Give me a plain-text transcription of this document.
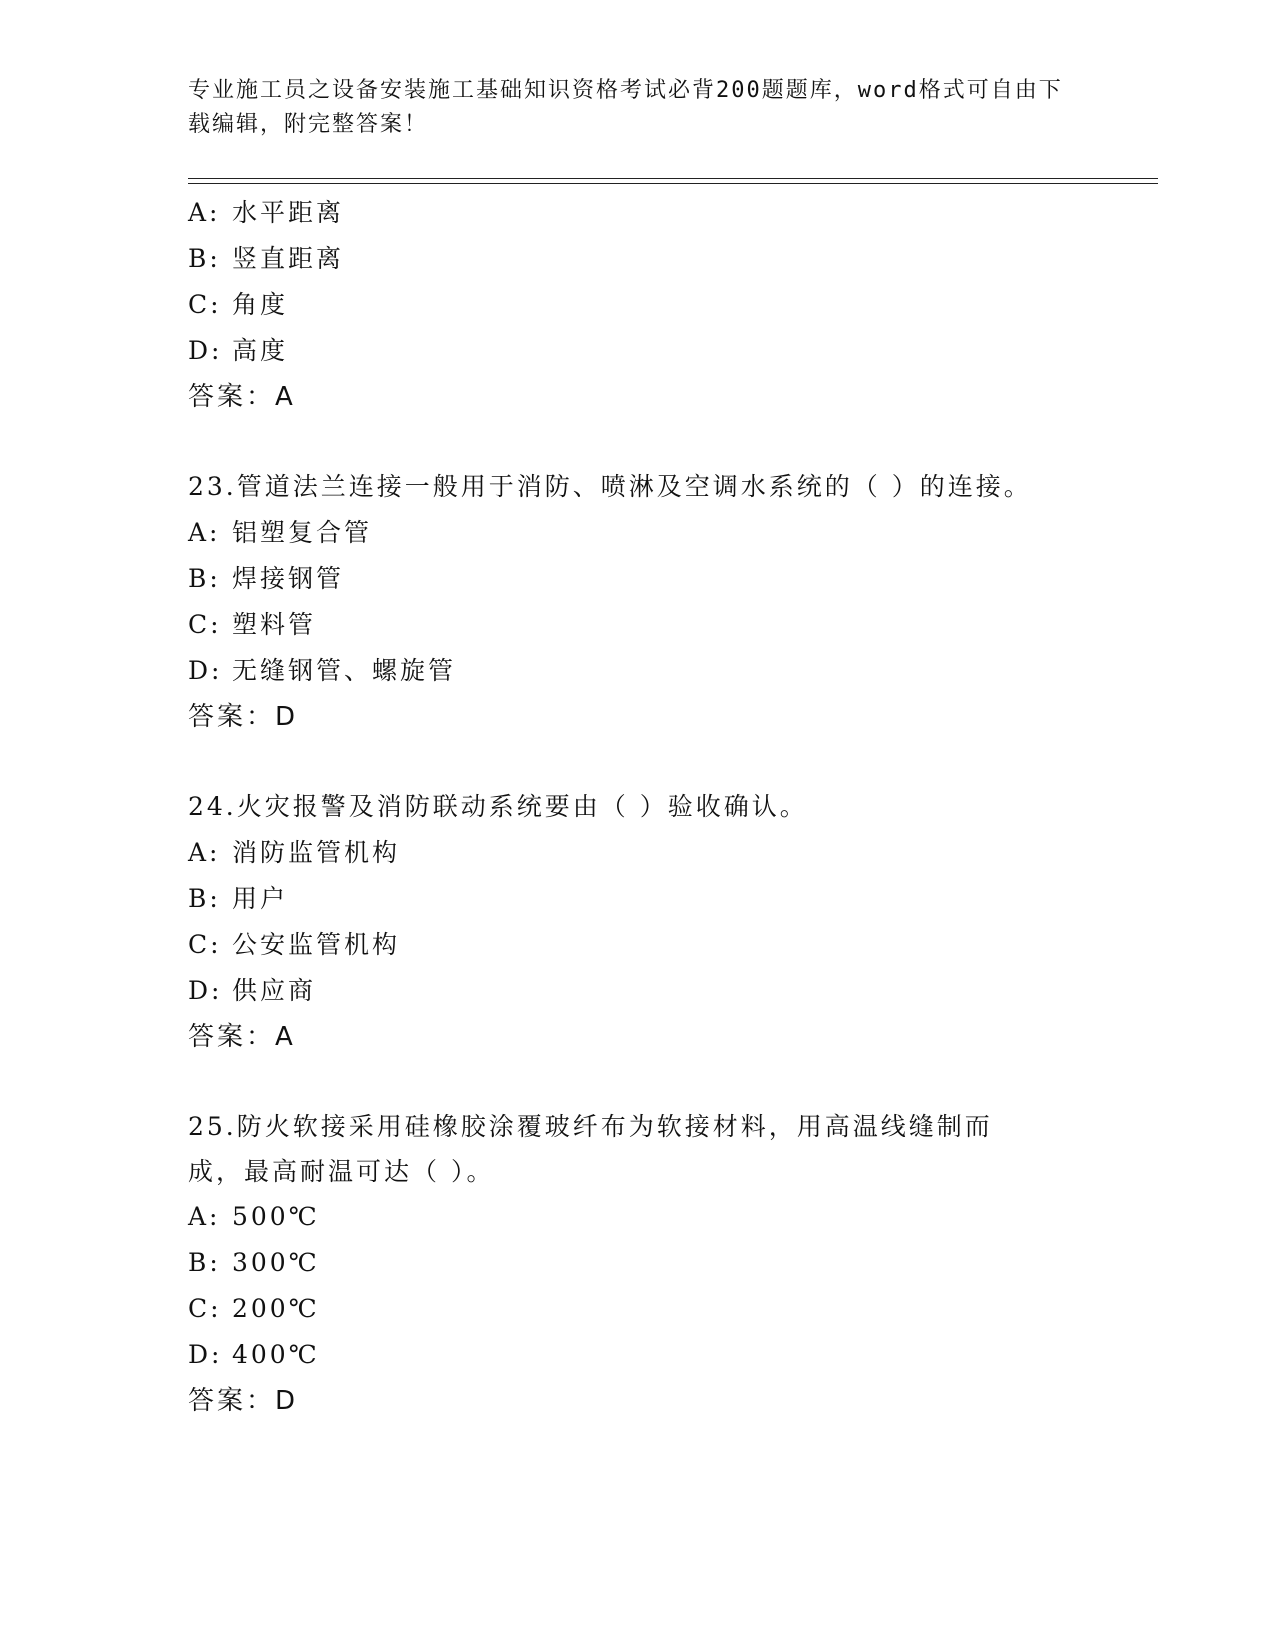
专业施工员之设备安装施工基础知识资格考试必背200题题库，word格式可自由下载编辑，附完整答案！
A: 水平距离
B: 竖直距离
C: 角度
D: 高度
答案：A
23.管道法兰连接一般用于消防、喷淋及空调水系统的（ ）的连接。
A: 铝塑复合管
B: 焊接钢管
C: 塑料管
D: 无缝钢管、螺旋管
答案：D
24.火灾报警及消防联动系统要由（ ）验收确认。
A: 消防监管机构
B: 用户
C: 公安监管机构
D: 供应商
答案：A
25.防火软接采用硅橡胶涂覆玻纤布为软接材料，用高温线缝制而成，最高耐温可达（ ）。
A: 500℃
B: 300℃
C: 200℃
D: 400℃
答案：D
